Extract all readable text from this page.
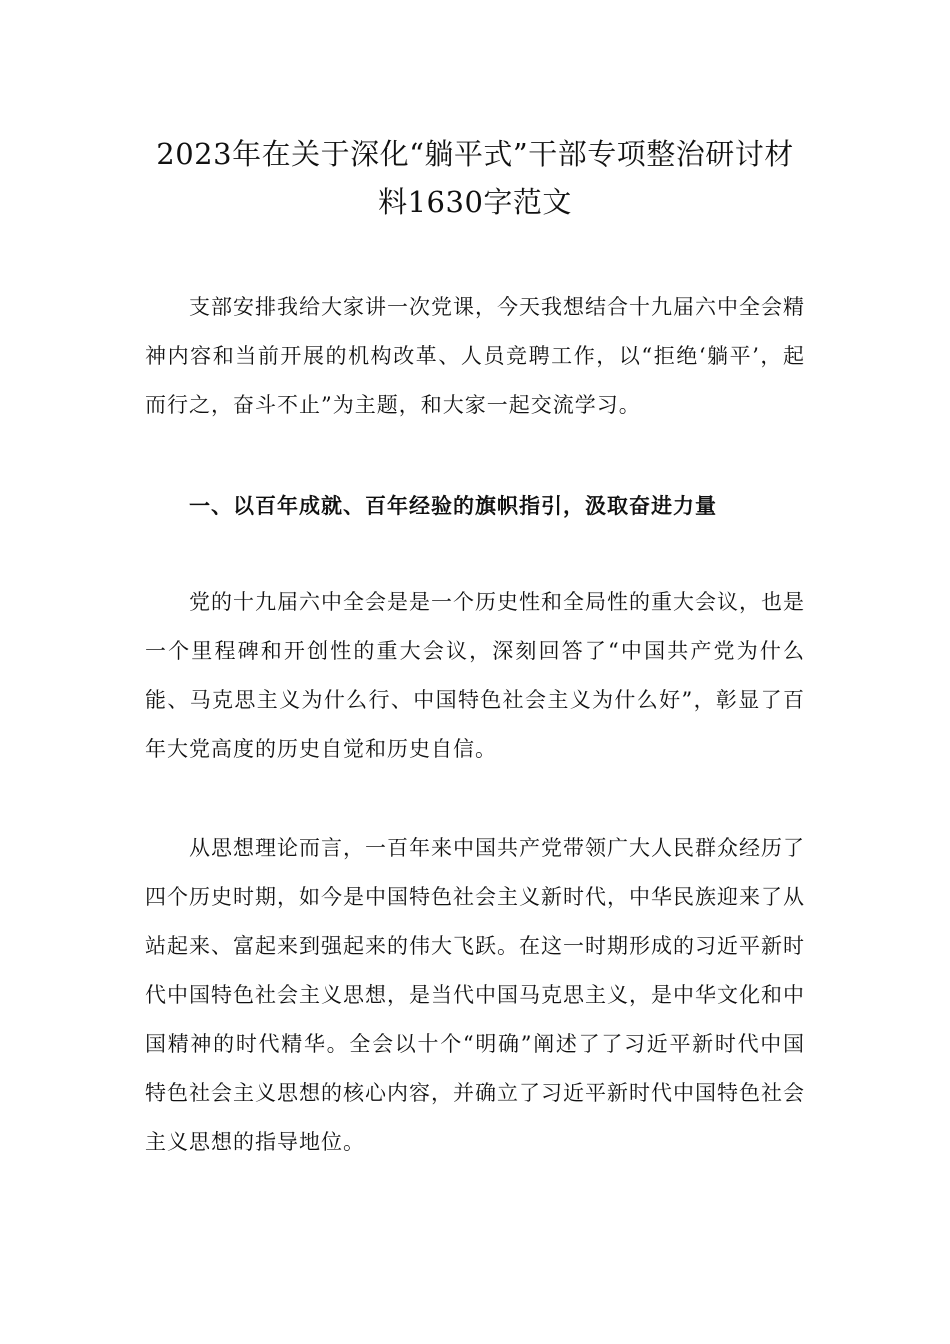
2023年在关于深化“躺平式”干部专项整治研讨材料1630字范文

支部安排我给大家讲一次党课，今天我想结合十九届六中全会精神内容和当前开展的机构改革、人员竞聘工作，以“拒绝‘躺平’，起而行之，奋斗不止”为主题，和大家一起交流学习。

一、以百年成就、百年经验的旗帜指引，汲取奋进力量

党的十九届六中全会是是一个历史性和全局性的重大会议，也是一个里程碑和开创性的重大会议，深刻回答了“中国共产党为什么能、马克思主义为什么行、中国特色社会主义为什么好”，彰显了百年大党高度的历史自觉和历史自信。

从思想理论而言，一百年来中国共产党带领广大人民群众经历了四个历史时期，如今是中国特色社会主义新时代，中华民族迎来了从站起来、富起来到强起来的伟大飞跃。在这一时期形成的习近平新时代中国特色社会主义思想，是当代中国马克思主义，是中华文化和中国精神的时代精华。全会以十个“明确”阐述了了习近平新时代中国特色社会主义思想的核心内容，并确立了习近平新时代中国特色社会主义思想的指导地位。
